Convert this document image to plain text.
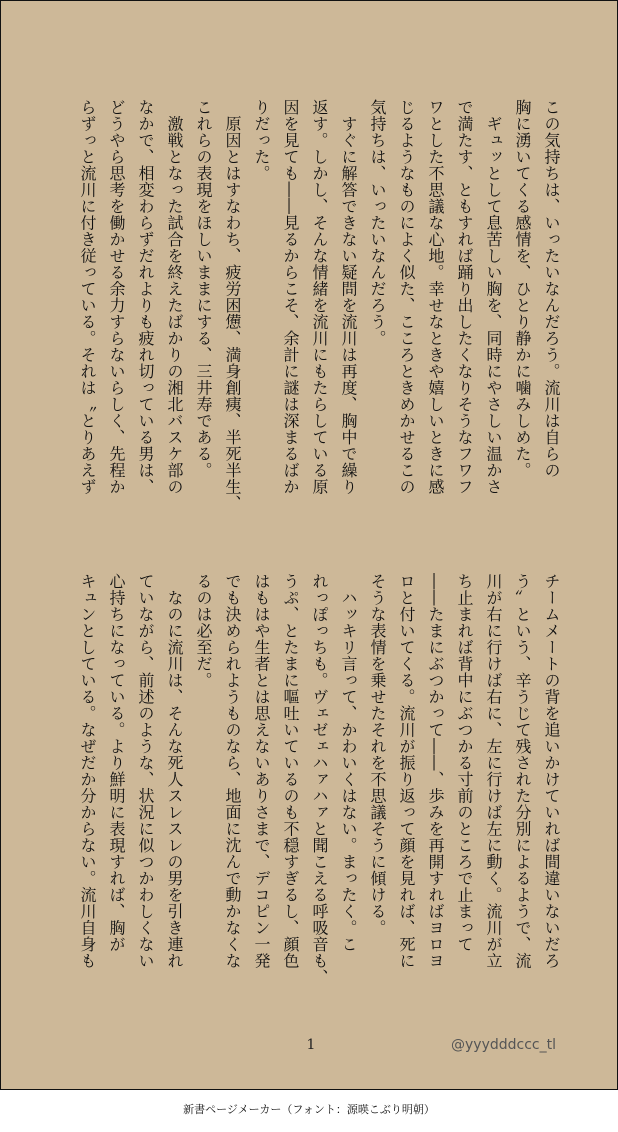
この気持ちは、いったいなんだろう。流川は自らの

胸に湧いてくる感情を、ひとり静かに噛みしめた。

　ギュッとして息苦しい胸を、同時にやさしい温かさ

で満たす、ともすれば踊り出したくなりそうなフワフ

ワとした不思議な心地。幸せなときや嬉しいときに感

じるようなものによく似た、こころときめかせるこの

気持ちは、いったいなんだろう。

　すぐに解答できない疑問を流川は再度、胸中で繰り

返す。しかし、そんな情緒を流川にもたらしている原

因を見ても――見るからこそ、余計に謎は深まるばか

りだった。

　原因とはすなわち、疲労困憊、満身創痍、半死半生、

これらの表現をほしいままにする、三井寿である。

　激戦となった試合を終えたばかりの湘北バスケ部の

なかで、相変わらずだれよりも疲れ切っている男は、

どうやら思考を働かせる余力すらないらしく、先程か

らずっと流川に付き従っている。それは〝とりあえず

チームメートの背を追いかけていれば間違いないだろ

う〟という、辛うじて残された分別によるようで、流

川が右に行けば右に、左に行けば左に動く。流川が立

ち止まれば背中にぶつかる寸前のところで止まって

――たまにぶつかって――、歩みを再開すればヨロヨ

ロと付いてくる。流川が振り返って顔を見れば、死に

そうな表情を乗せたそれを不思議そうに傾ける。

　ハッキリ言って、かわいくはない。まったく。こ

れっぽっちも。ヴェゼェハァハァと聞こえる呼吸音も、

うぷ、とたまに嘔吐いているのも不穏すぎるし、顔色

はもはや生者とは思えないありさまで、デコピン一発

でも決められようものなら、地面に沈んで動かなくな

るのは必至だ。

　なのに流川は、そんな死人スレスレの男を引き連れ

ていながら、前述のような、状況に似つかわしくない

心持ちになっている。より鮮明に表現すれば、胸が

キュンとしている。なぜだか分からない。流川自身も

1	@yyydddccc_tl
新書ページメーカー（フォント：源暎こぶり明朝）
